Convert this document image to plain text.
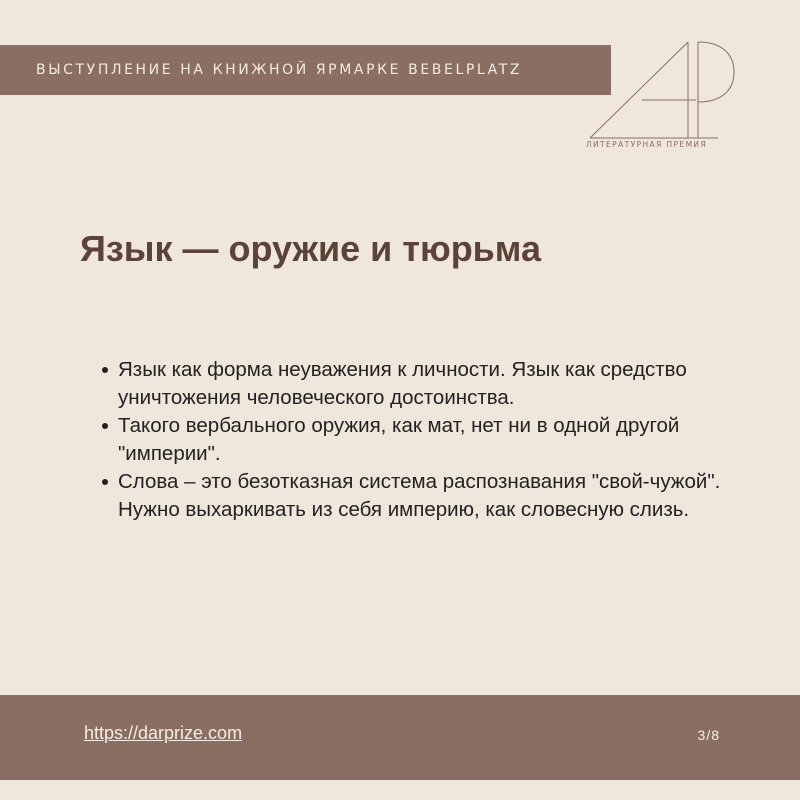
ВЫСТУПЛЕНИЕ НА КНИЖНОЙ ЯРМАРКЕ BEBELPLATZ
ЛИТЕРАТУРНАЯ ПРЕМИЯ
Язык — оружие и тюрьма
Язык как форма неуважения к личности. Язык как средство уничтожения человеческого достоинства.
Такого вербального оружия, как мат, нет ни в одной другой "империи".
Слова – это безотказная система распознавания "свой-чужой". Нужно выхаркивать из себя империю, как словесную слизь.
https://darprize.com	3/8
